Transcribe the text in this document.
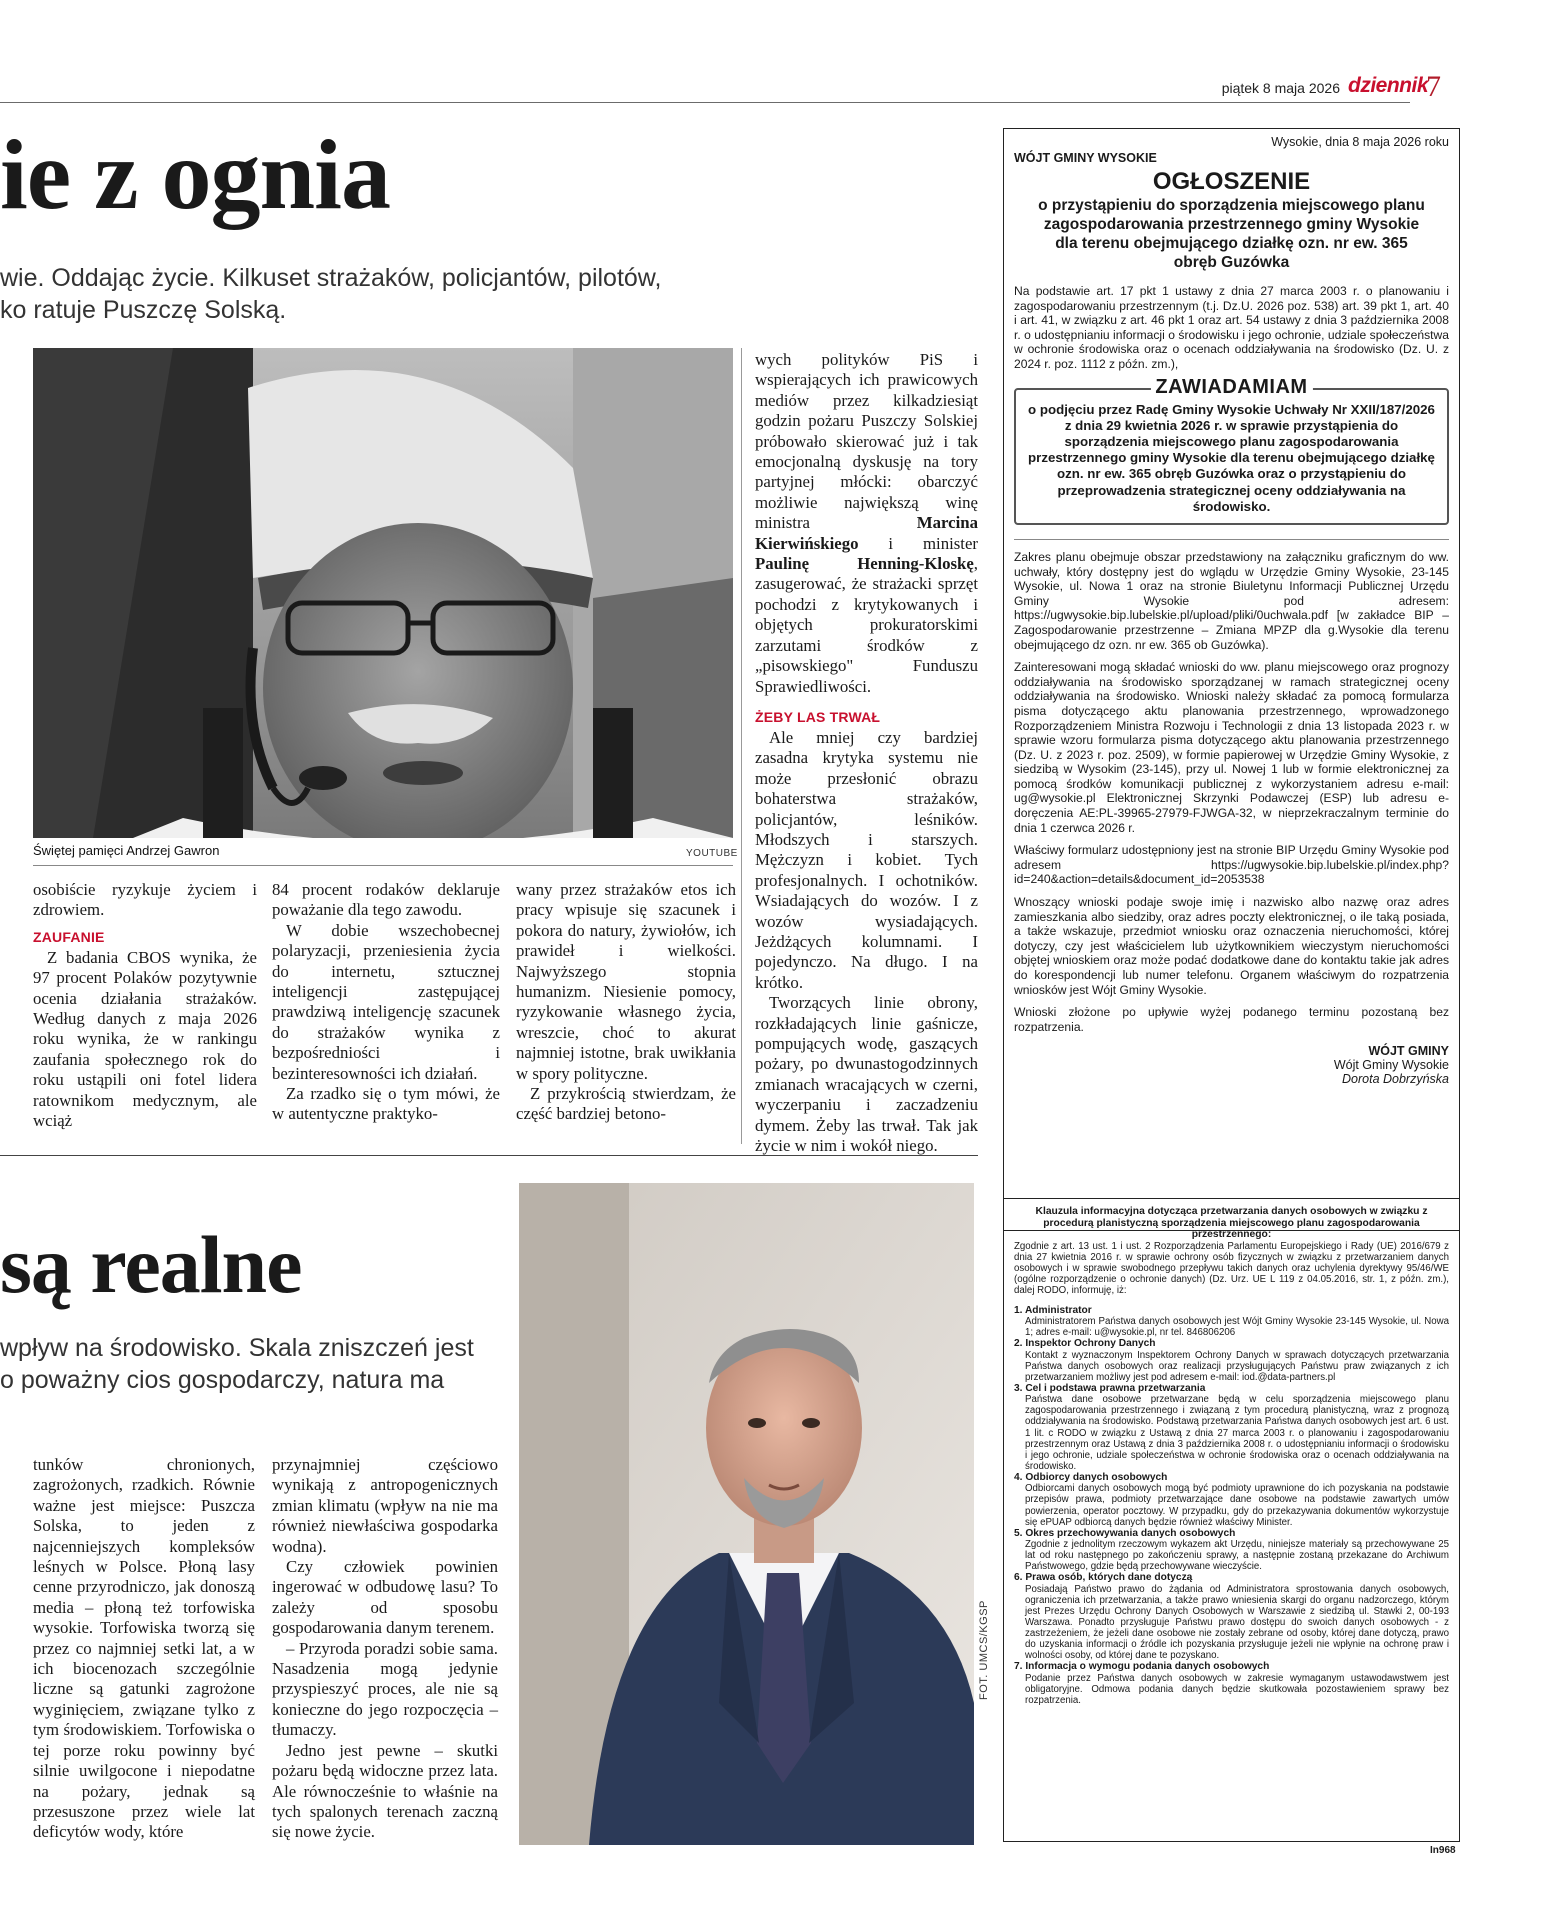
piątek 8 maja 2026 dziennik
7
ie z ognia
wie. Oddając życie. Kilkuset strażaków, policjantów, pilotów,
ko ratuje Puszczę Solską.
Świętej pamięci Andrzej Gawron	YOUTUBE

osobiście ryzykuje życiem i zdrowiem.

ZAUFANIE

Z badania CBOS wynika, że 97 procent Polaków pozytywnie ocenia działania strażaków. Według danych z maja 2026 roku wynika, że w rankingu zaufania społecznego rok do roku ustąpili oni fotel lidera ratownikom medycznym, ale wciąż

84 procent rodaków deklaruje poważanie dla tego zawodu.

W dobie wszechobecnej polaryzacji, przeniesienia życia do internetu, sztucznej inteligencji zastępującej prawdziwą inteligencję szacunek do strażaków wynika z bezpośredniości i bezinteresowności ich działań.

Za rzadko się o tym mówi, że w autentyczne praktyko-

wany przez strażaków etos ich pracy wpisuje się szacunek i pokora do natury, żywiołów, ich prawideł i wielkości. Najwyższego stopnia humanizm. Niesienie pomocy, ryzykowanie własnego życia, wreszcie, choć to akurat najmniej istotne, brak uwikłania w spory polityczne.

Z przykrością stwierdzam, że część bardziej betono-

wych polityków PiS i wspierających ich prawicowych mediów przez kilkadziesiąt godzin pożaru Puszczy Solskiej próbowało skierować już i tak emocjonalną dyskusję na tory partyjnej młócki: obarczyć możliwie największą winę ministra Marcina Kierwińskiego i minister Paulinę Henning-Kloskę, zasugerować, że strażacki sprzęt pochodzi z krytykowanych i objętych prokuratorskimi zarzutami środków z „pisowskiego" Funduszu Sprawiedliwości.

ŻEBY LAS TRWAŁ

Ale mniej czy bardziej zasadna krytyka systemu nie może przesłonić obrazu bohaterstwa strażaków, policjantów, leśników. Młodszych i starszych. Mężczyzn i kobiet. Tych profesjonalnych. I ochotników. Wsiadających do wozów. I z wozów wysiadających. Jeżdżących kolumnami. I pojedynczo. Na długo. I na krótko.

Tworzących linie obrony, rozkładających linie gaśnicze, pompujących wodę, gaszących pożary, po dwunastogodzinnych zmianach wracających w czerni, wyczerpaniu i zaczadzeniu dymem. Żeby las trwał. Tak jak życie w nim i wokół niego.

są realne
wpływ na środowisko. Skala zniszczeń jest
o poważny cios gospodarczy, natura ma
FOT. UMCS/KGSP

tunków chronionych, zagrożonych, rzadkich. Równie ważne jest miejsce: Puszcza Solska, to jeden z najcenniejszych kompleksów leśnych w Polsce. Płoną lasy cenne przyrodniczo, jak donoszą media – płoną też torfowiska wysokie. Torfowiska tworzą się przez co najmniej setki lat, a w ich biocenozach szczególnie liczne są gatunki zagrożone wyginięciem, związane tylko z tym środowiskiem. Torfowiska o tej porze roku powinny być silnie uwilgocone i niepodatne na pożary, jednak są przesuszone przez wiele lat deficytów wody, które

przynajmniej częściowo wynikają z antropogenicznych zmian klimatu (wpływ na nie ma również niewłaściwa gospodarka wodna).

Czy człowiek powinien ingerować w odbudowę lasu? To zależy od sposobu gospodarowania danym terenem.

– Przyroda poradzi sobie sama. Nasadzenia mogą jedynie przyspieszyć proces, ale nie są konieczne do jego rozpoczęcia – tłumaczy.

Jedno jest pewne – skutki pożaru będą widoczne przez lata. Ale równocześnie to właśnie na tych spalonych terenach zaczną się nowe życie.

Wysokie, dnia 8 maja 2026 roku
WÓJT GMINY WYSOKIE
OGŁOSZENIE
o przystąpieniu do sporządzenia miejscowego planu zagospodarowania przestrzennego gminy Wysokie dla terenu obejmującego działkę ozn. nr ew. 365 obręb Guzówka

Na podstawie art. 17 pkt 1 ustawy z dnia 27 marca 2003 r. o planowaniu i zagospodarowaniu przestrzennym (t.j. Dz.U. 2026 poz. 538) art. 39 pkt 1, art. 40 i art. 41, w związku z art. 46 pkt 1 oraz art. 54 ustawy z dnia 3 października 2008 r. o udostępnianiu informacji o środowisku i jego ochronie, udziale społeczeństwa w ochronie środowiska oraz o ocenach oddziaływania na środowisko (Dz. U. z 2024 r. poz. 1112 z późn. zm.),

ZAWIADAMIAM
o podjęciu przez Radę Gminy Wysokie Uchwały Nr XXII/187/2026 z dnia 29 kwietnia 2026 r. w sprawie przystąpienia do sporządzenia miejscowego planu zagospodarowania przestrzennego gminy Wysokie dla terenu obejmującego działkę ozn. nr ew. 365 obręb Guzówka oraz o przystąpieniu do przeprowadzenia strategicznej oceny oddziaływania na środowisko.

Zakres planu obejmuje obszar przedstawiony na załączniku graficznym do ww. uchwały, który dostępny jest do wglądu w Urzędzie Gminy Wysokie, 23-145 Wysokie, ul. Nowa 1 oraz na stronie Biuletynu Informacji Publicznej Urzędu Gminy Wysokie pod adresem: https://ugwysokie.bip.lubelskie.pl/upload/pliki/0uchwala.pdf [w zakładce BIP – Zagospodarowanie przestrzenne – Zmiana MPZP dla g.Wysokie dla terenu obejmującego dz ozn. nr ew. 365 ob Guzówka).

Zainteresowani mogą składać wnioski do ww. planu miejscowego oraz prognozy oddziaływania na środowisko sporządzanej w ramach strategicznej oceny oddziaływania na środowisko. Wnioski należy składać za pomocą formularza pisma dotyczącego aktu planowania przestrzennego, wprowadzonego Rozporządzeniem Ministra Rozwoju i Technologii z dnia 13 listopada 2023 r. w sprawie wzoru formularza pisma dotyczącego aktu planowania przestrzennego (Dz. U. z 2023 r. poz. 2509), w formie papierowej w Urzędzie Gminy Wysokie, z siedzibą w Wysokim (23-145), przy ul. Nowej 1 lub w formie elektronicznej za pomocą środków komunikacji publicznej z wykorzystaniem adresu e-mail: ug@wysokie.pl Elektronicznej Skrzynki Podawczej (ESP) lub adresu e-doręczenia AE:PL-39965-27979-FJWGA-32, w nieprzekraczalnym terminie do dnia 1 czerwca 2026 r.

Właściwy formularz udostępniony jest na stronie BIP Urzędu Gminy Wysokie pod adresem https://ugwysokie.bip.lubelskie.pl/index.php?id=240&action=details&document_id=2053538

Wnoszący wnioski podaje swoje imię i nazwisko albo nazwę oraz adres zamieszkania albo siedziby, oraz adres poczty elektronicznej, o ile taką posiada, a także wskazuje, przedmiot wniosku oraz oznaczenia nieruchomości, której dotyczy, czy jest właścicielem lub użytkownikiem wieczystym nieruchomości objętej wnioskiem oraz może podać dodatkowe dane do kontaktu takie jak adres do korespondencji lub numer telefonu. Organem właściwym do rozpatrzenia wniosków jest Wójt Gminy Wysokie.

Wnioski złożone po upływie wyżej podanego terminu pozostaną bez rozpatrzenia.

WÓJT GMINY
Wójt Gminy Wysokie
Dorota Dobrzyńska
Klauzula informacyjna dotycząca przetwarzania danych osobowych w związku z procedurą planistyczną sporządzenia miejscowego planu zagospodarowania przestrzennego:

Zgodnie z art. 13 ust. 1 i ust. 2 Rozporządzenia Parlamentu Europejskiego i Rady (UE) 2016/679 z dnia 27 kwietnia 2016 r. w sprawie ochrony osób fizycznych w związku z przetwarzaniem danych osobowych i w sprawie swobodnego przepływu takich danych oraz uchylenia dyrektywy 95/46/WE (ogólne rozporządzenie o ochronie danych) (Dz. Urz. UE L 119 z 04.05.2016, str. 1, z późn. zm.), dalej RODO, informuję, iż:

1. Administrator

Administratorem Państwa danych osobowych jest Wójt Gminy Wysokie 23-145 Wysokie, ul. Nowa 1; adres e-mail: u@wysokie.pl, nr tel. 846806206

2. Inspektor Ochrony Danych

Kontakt z wyznaczonym Inspektorem Ochrony Danych w sprawach dotyczących przetwarzania Państwa danych osobowych oraz realizacji przysługujących Państwu praw związanych z ich przetwarzaniem możliwy jest pod adresem e-mail: iod.@data-partners.pl

3. Cel i podstawa prawna przetwarzania

Państwa dane osobowe przetwarzane będą w celu sporządzenia miejscowego planu zagospodarowania przestrzennego i związaną z tym procedurą planistyczną, wraz z prognozą oddziaływania na środowisko. Podstawą przetwarzania Państwa danych osobowych jest art. 6 ust. 1 lit. c RODO w związku z Ustawą z dnia 27 marca 2003 r. o planowaniu i zagospodarowaniu przestrzennym oraz Ustawą z dnia 3 października 2008 r. o udostępnianiu informacji o środowisku i jego ochronie, udziale społeczeństwa w ochronie środowiska oraz o ocenach oddziaływania na środowisko.

4. Odbiorcy danych osobowych

Odbiorcami danych osobowych mogą być podmioty uprawnione do ich pozyskania na podstawie przepisów prawa, podmioty przetwarzające dane osobowe na podstawie zawartych umów powierzenia, operator pocztowy. W przypadku, gdy do przekazywania dokumentów wykorzystuje się ePUAP odbiorcą danych będzie również właściwy Minister.

5. Okres przechowywania danych osobowych

Zgodnie z jednolitym rzeczowym wykazem akt Urzędu, niniejsze materiały są przechowywane 25 lat od roku następnego po zakończeniu sprawy, a następnie zostaną przekazane do Archiwum Państwowego, gdzie będą przechowywane wieczyście.

6. Prawa osób, których dane dotyczą

Posiadają Państwo prawo do żądania od Administratora sprostowania danych osobowych, ograniczenia ich przetwarzania, a także prawo wniesienia skargi do organu nadzorczego, którym jest Prezes Urzędu Ochrony Danych Osobowych w Warszawie z siedzibą ul. Stawki 2, 00-193 Warszawa. Ponadto przysługuje Państwu prawo dostępu do swoich danych osobowych - z zastrzeżeniem, że jeżeli dane osobowe nie zostały zebrane od osoby, której dane dotyczą, prawo do uzyskania informacji o źródle ich pozyskania przysługuje jeżeli nie wpłynie na ochronę praw i wolności osoby, od której dane te pozyskano.

7. Informacja o wymogu podania danych osobowych

Podanie przez Państwa danych osobowych w zakresie wymaganym ustawodawstwem jest obligatoryjne. Odmowa podania danych będzie skutkowała pozostawieniem sprawy bez rozpatrzenia.

In968
